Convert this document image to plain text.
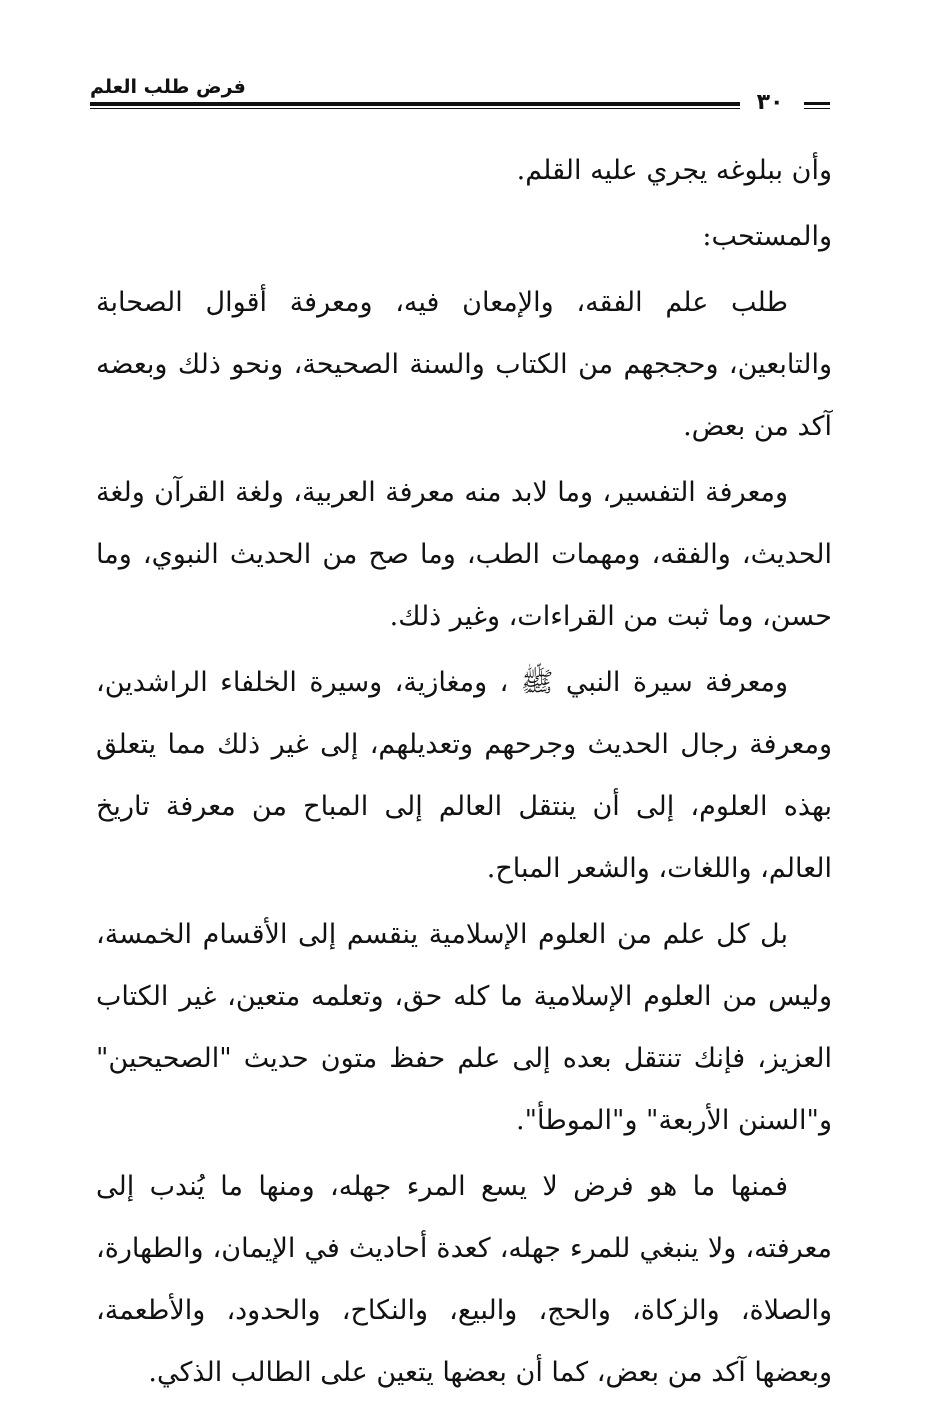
فرض طلب العلم
٣٠

وأن ببلوغه يجري عليه القلم.

والمستحب:

طلب علم الفقه، والإمعان فيه، ومعرفة أقوال الصحابة والتابعين، وحججهم من الكتاب والسنة الصحيحة، ونحو ذلك وبعضه آكد من بعض.

ومعرفة التفسير، وما لابد منه معرفة العربية، ولغة القرآن ولغة الحديث، والفقه، ومهمات الطب، وما صح من الحديث النبوي، وما حسن، وما ثبت من القراءات، وغير ذلك.

ومعرفة سيرة النبي ﷺ ، ومغازية، وسيرة الخلفاء الراشدين، ومعرفة رجال الحديث وجرحهم وتعديلهم، إلى غير ذلك مما يتعلق بهذه العلوم، إلى أن ينتقل العالم إلى المباح من معرفة تاريخ العالم، واللغات، والشعر المباح.

بل كل علم من العلوم الإسلامية ينقسم إلى الأقسام الخمسة، وليس من العلوم الإسلامية ما كله حق، وتعلمه متعين، غير الكتاب العزيز، فإنك تنتقل بعده إلى علم حفظ متون حديث "الصحيحين" و"السنن الأربعة" و"الموطأ".

فمنها ما هو فرض لا يسع المرء جهله، ومنها ما يُندب إلى معرفته، ولا ينبغي للمرء جهله، كعدة أحاديث في الإيمان، والطهارة، والصلاة، والزكاة، والحج، والبيع، والنكاح، والحدود، والأطعمة، وبعضها آكد من بعض، كما أن بعضها يتعين على الطالب الذكي.
